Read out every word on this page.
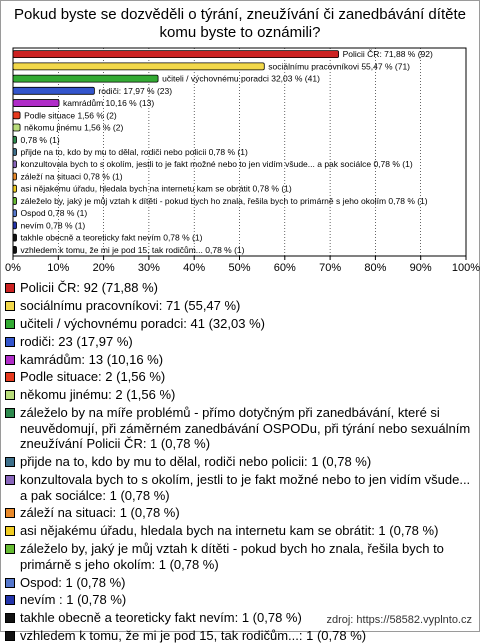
Pokud byste se dozvěděli o týrání, zneužívání či zanedbávání dítěte komu byste to oznámili?
0% 10% 20% 30% 40% 50% 60% 70% 80% 90% 100%
Policii ČR: 71,88 % (92)
sociálnímu pracovníkovi 55,47 % (71)
učiteli / výchovnému poradci 32,03 % (41)
rodiči: 17,97 % (23)
kamrádům 10,16 % (13)
Podle situace 1,56 % (2)
někomu jinému 1,56 % (2)
0,78 % (1)
přijde na to, kdo by mu to dělal, rodiči nebo policii 0,78 % (1)
konzultovala bych to s okolím, jestli to je fakt možné nebo to jen vidím všude... a pak sociálce 0,78 % (1)
záleží na situaci 0,78 % (1)
asi nějakému úřadu, hledala bych na internetu kam se obrátit 0,78 % (1)
záleželo by, jaký je můj vztah k dítěti - pokud bych ho znala, řešila bych to primárně s jeho okolím 0,78 % (1)
Ospod 0,78 % (1)
nevím 0,78 % (1)
takhle obecně a teoreticky fakt nevím 0,78 % (1)
vzhledem k tomu, že mi je pod 15, tak rodičům... 0,78 % (1)
Policii ČR: 92 (71,88 %)
sociálnímu pracovníkovi: 71 (55,47 %)
učiteli / výchovnému poradci: 41 (32,03 %)
rodiči: 23 (17,97 %)
kamrádům: 13 (10,16 %)
Podle situace: 2 (1,56 %)
někomu jinému: 2 (1,56 %)
záleželo by na míře problémů - přímo dotyčným při zanedbávání, které si neuvědomují, při záměrném zanedbávání OSPODu, při týrání nebo sexuálním zneužívání Policii ČR: 1 (0,78 %)
přijde na to, kdo by mu to dělal, rodiči nebo policii: 1 (0,78 %)
konzultovala bych to s okolím, jestli to je fakt možné nebo to jen vidím všude... a pak sociálce: 1 (0,78 %)
záleží na situaci: 1 (0,78 %)
asi nějakému úřadu, hledala bych na internetu kam se obrátit: 1 (0,78 %)
záleželo by, jaký je můj vztah k dítěti - pokud bych ho znala, řešila bych to primárně s jeho okolím: 1 (0,78 %)
Ospod: 1 (0,78 %)
nevím : 1 (0,78 %)
takhle obecně a teoreticky fakt nevím: 1 (0,78 %)
vzhledem k tomu, že mi je pod 15, tak rodičům...: 1 (0,78 %)
zdroj: https://58582.vyplnto.cz
